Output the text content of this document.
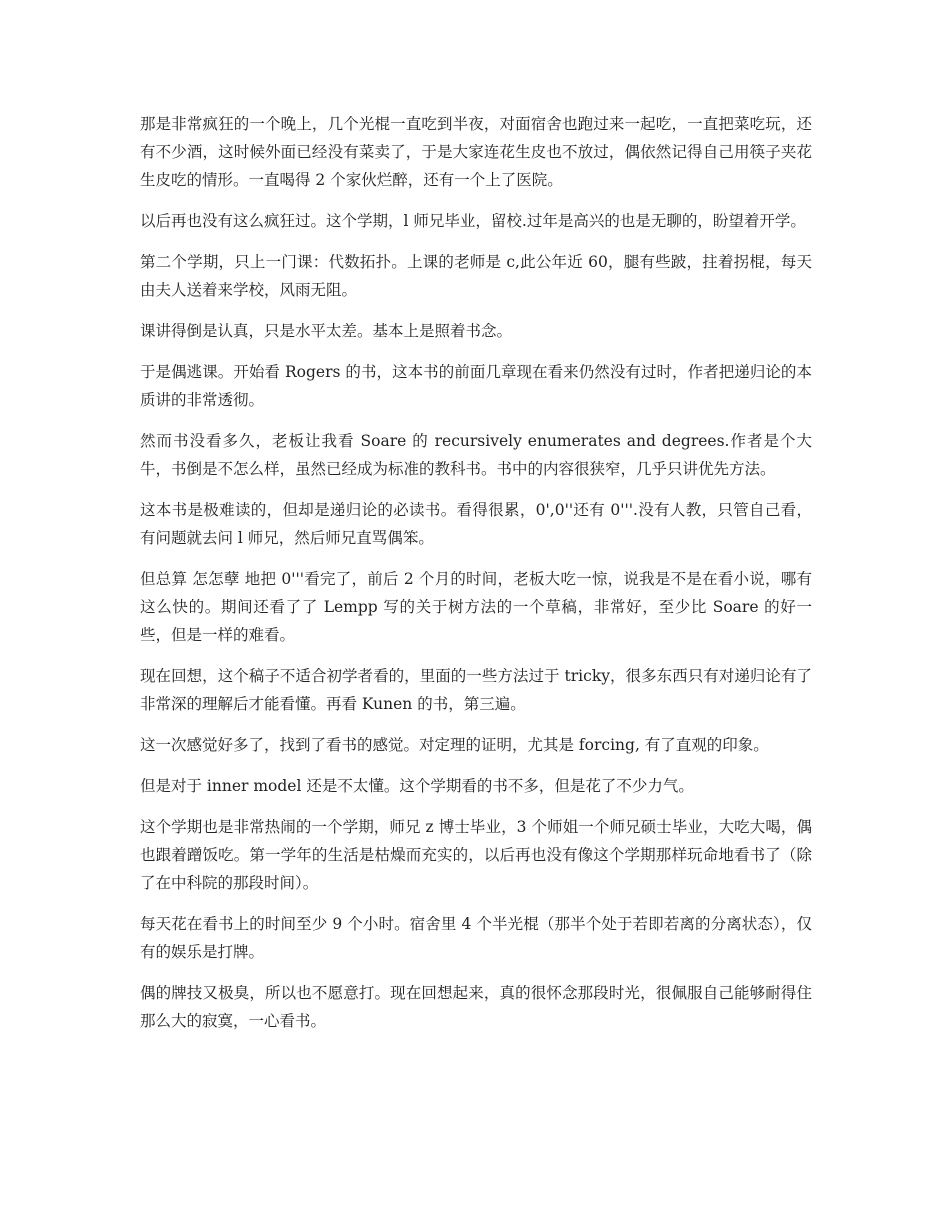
那是非常疯狂的一个晚上，几个光棍一直吃到半夜，对面宿舍也跑过来一起吃，一直把菜吃玩，还有不少酒，这时候外面已经没有菜卖了，于是大家连花生皮也不放过，偶依然记得自己用筷子夹花生皮吃的情形。一直喝得 2 个家伙烂醉，还有一个上了医院。

以后再也没有这么疯狂过。这个学期，l 师兄毕业，留校.过年是高兴的也是无聊的，盼望着开学。

第二个学期，只上一门课：代数拓扑。上课的老师是 c,此公年近 60，腿有些跛，拄着拐棍，每天由夫人送着来学校，风雨无阻。

课讲得倒是认真，只是水平太差。基本上是照着书念。

于是偶逃课。开始看 Rogers 的书，这本书的前面几章现在看来仍然没有过时，作者把递归论的本质讲的非常透彻。

然而书没看多久，老板让我看 Soare 的 recursively enumerates and degrees.作者是个大牛，书倒是不怎么样，虽然已经成为标准的教科书。书中的内容很狭窄，几乎只讲优先方法。

这本书是极难读的，但却是递归论的必读书。看得很累，0',0''还有 0'''.没有人教，只管自己看，有问题就去问 l 师兄，然后师兄直骂偶笨。

但总算 怎怎孽 地把 0'''看完了，前后 2 个月的时间，老板大吃一惊，说我是不是在看小说，哪有这么快的。期间还看了了 Lempp 写的关于树方法的一个草稿，非常好，至少比 Soare 的好一些，但是一样的难看。

现在回想，这个稿子不适合初学者看的，里面的一些方法过于 tricky，很多东西只有对递归论有了非常深的理解后才能看懂。再看 Kunen 的书，第三遍。

这一次感觉好多了，找到了看书的感觉。对定理的证明，尤其是 forcing, 有了直观的印象。

但是对于 inner model 还是不太懂。这个学期看的书不多，但是花了不少力气。

这个学期也是非常热闹的一个学期，师兄 z 博士毕业，3 个师姐一个师兄硕士毕业，大吃大喝，偶也跟着蹭饭吃。第一学年的生活是枯燥而充实的，以后再也没有像这个学期那样玩命地看书了（除了在中科院的那段时间）。

每天花在看书上的时间至少 9 个小时。宿舍里 4 个半光棍（那半个处于若即若离的分离状态），仅有的娱乐是打牌。

偶的牌技又极臭，所以也不愿意打。现在回想起来，真的很怀念那段时光，很佩服自己能够耐得住那么大的寂寞，一心看书。
